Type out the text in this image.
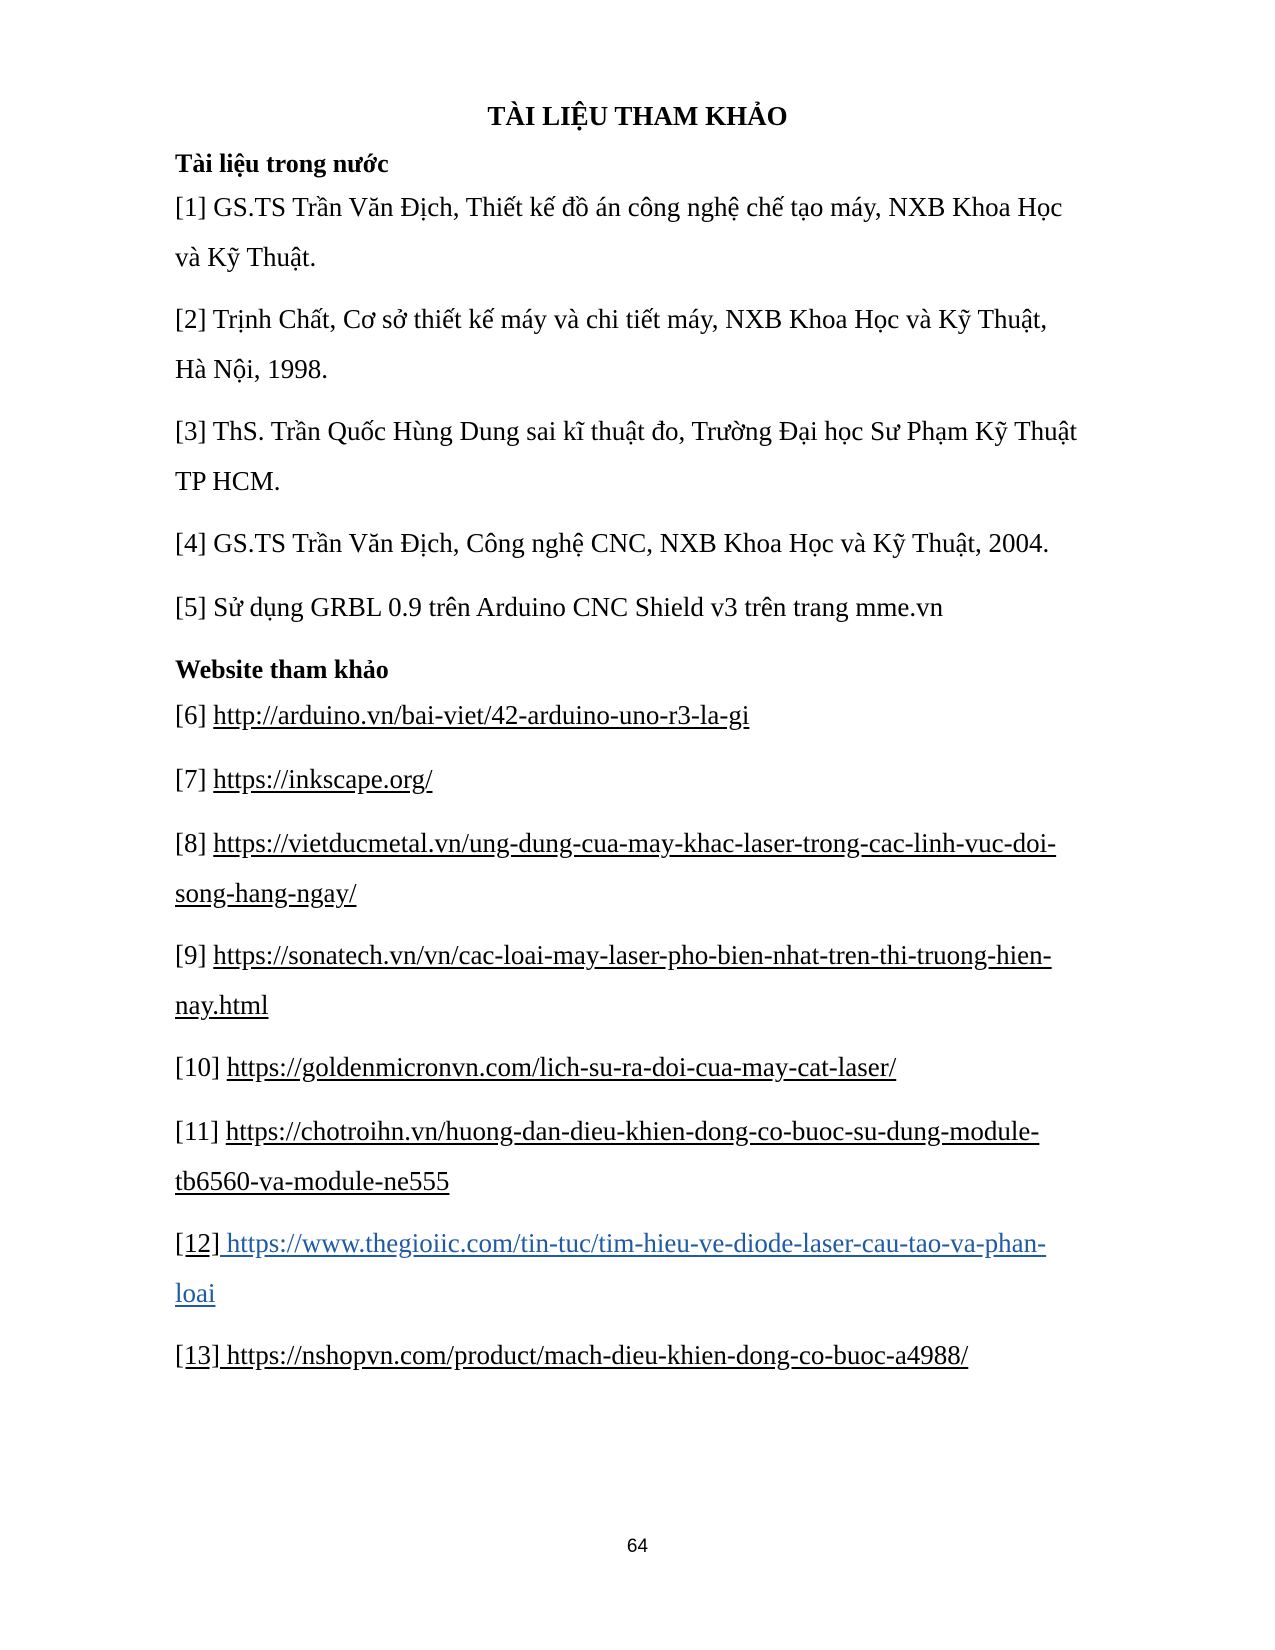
TÀI LIỆU THAM KHẢO
Tài liệu trong nước
[1] GS.TS Trần Văn Địch, Thiết kế đồ án công nghệ chế tạo máy, NXB Khoa Học
và Kỹ Thuật.
[2] Trịnh Chất, Cơ sở thiết kế máy và chi tiết máy, NXB Khoa Học và Kỹ Thuật,
Hà Nội, 1998.
[3] ThS. Trần Quốc Hùng Dung sai kĩ thuật đo, Trường Đại học Sư Phạm Kỹ Thuật
TP HCM.
[4] GS.TS Trần Văn Địch, Công nghệ CNC, NXB Khoa Học và Kỹ Thuật, 2004.
[5] Sử dụng GRBL 0.9 trên Arduino CNC Shield v3 trên trang mme.vn
Website tham khảo
[6] http://arduino.vn/bai-viet/42-arduino-uno-r3-la-gi
[7] https://inkscape.org/
[8] https://vietducmetal.vn/ung-dung-cua-may-khac-laser-trong-cac-linh-vuc-doi-
song-hang-ngay/
[9] https://sonatech.vn/vn/cac-loai-may-laser-pho-bien-nhat-tren-thi-truong-hien-
nay.html
[10] https://goldenmicronvn.com/lich-su-ra-doi-cua-may-cat-laser/
[11] https://chotroihn.vn/huong-dan-dieu-khien-dong-co-buoc-su-dung-module-
tb6560-va-module-ne555
[12] https://www.thegioiic.com/tin-tuc/tim-hieu-ve-diode-laser-cau-tao-va-phan-
loai
[13] https://nshopvn.com/product/mach-dieu-khien-dong-co-buoc-a4988/
64
